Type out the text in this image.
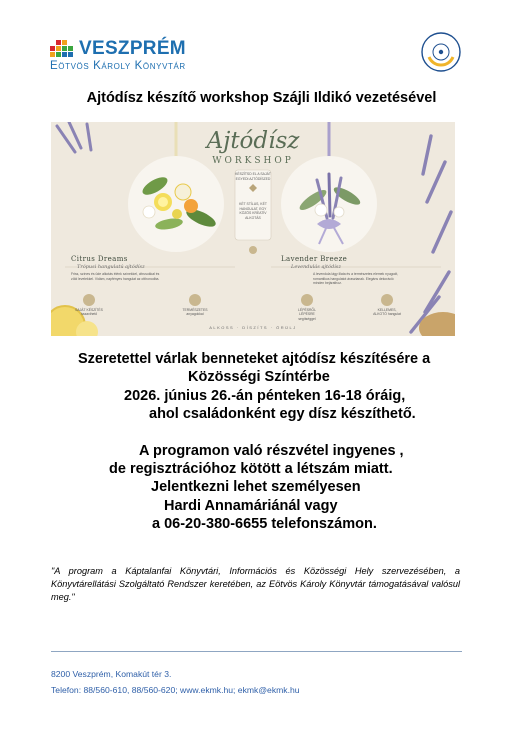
VESZPRÉM
Eötvös Károly Könyvtár
Ajtódísz készítő workshop Szájli Ildikó vezetésével
Ajtódísz
WORKSHOP
KÉSZÍTSD EL A SAJÁT EGYEDI AJTÓDÍSZED
KÉT STÍLUS, KÉT HANGULAT, EGY KÖZÖS KREATÍV ALKOTÁS
Citrus Dreams
Trópusi hangulatú ajtódísz
Friss, színes és üde alkotás élénk színekkel, citrusokkal és zöld levelekkel. Vidám, napfényes hangulat az otthonodba.
Lavender Breeze
Levendulás ajtódísz
A levendula lágy illata és a természetes elemek nyugodt, romantikus hangulatot árasztanak. Elegáns dekoráció minden bejárathoz.
SAJÁT KÉSZÍTÉS hazavihető
TERMÉSZETES anyagokkal
LÉPÉSRŐL LÉPÉSRE segítséggel
KELLEMES, ALKOTÓ hangulat
ALKOSS · DÍSZÍTS · ÖRÜLJ
Szeretettel várlak benneteket ajtódísz készítésére a
Közösségi Színtérbe
2026. június 26.-án pénteken 16-18 óráig,
ahol családonként egy dísz készíthető.
A programon való részvétel ingyenes ,
de regisztrációhoz kötött a létszám miatt.
Jelentkezni lehet személyesen
Hardi Annamáriánál vagy
a 06-20-380-6655 telefonszámon.
"A program a Káptalanfai Könyvtári, Információs és Közösségi Hely szervezésében, a Könyvtárellátási Szolgáltató Rendszer keretében, az Eötvös Károly Könyvtár támogatásával valósul meg."
8200 Veszprém, Komakút tér 3.
Telefon: 88/560-610, 88/560-620; www.ekmk.hu; ekmk@ekmk.hu
